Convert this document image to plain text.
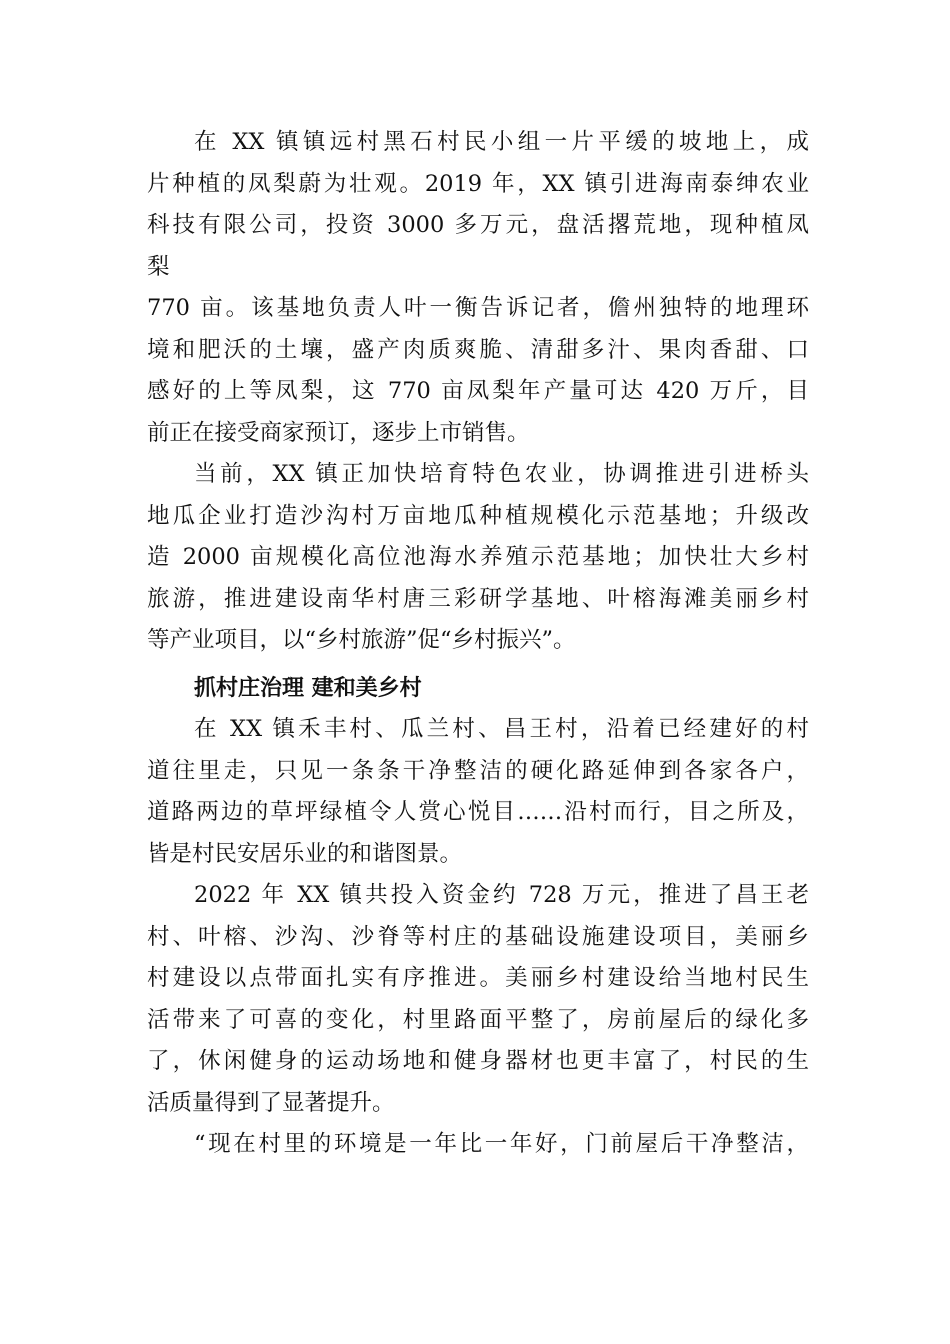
在 XX 镇镇远村黑石村民小组一片平缓的坡地上，成
片种植的凤梨蔚为壮观。2019 年，XX 镇引进海南泰绅农业
科技有限公司，投资 3000 多万元，盘活撂荒地，现种植凤
梨
770 亩。该基地负责人叶一衡告诉记者，儋州独特的地理环
境和肥沃的土壤，盛产肉质爽脆、清甜多汁、果肉香甜、口
感好的上等凤梨，这 770 亩凤梨年产量可达 420 万斤，目
前正在接受商家预订，逐步上市销售。
当前，XX 镇正加快培育特色农业，协调推进引进桥头
地瓜企业打造沙沟村万亩地瓜种植规模化示范基地；升级改
造 2000 亩规模化高位池海水养殖示范基地；加快壮大乡村
旅游，推进建设南华村唐三彩研学基地、叶榕海滩美丽乡村
等产业项目，以“乡村旅游”促“乡村振兴”。
抓村庄治理 建和美乡村
在 XX 镇禾丰村、瓜兰村、昌王村，沿着已经建好的村
道往里走，只见一条条干净整洁的硬化路延伸到各家各户，
道路两边的草坪绿植令人赏心悦目……沿村而行，目之所及，
皆是村民安居乐业的和谐图景。
2022 年 XX 镇共投入资金约 728 万元，推进了昌王老
村、叶榕、沙沟、沙脊等村庄的基础设施建设项目，美丽乡
村建设以点带面扎实有序推进。美丽乡村建设给当地村民生
活带来了可喜的变化，村里路面平整了，房前屋后的绿化多
了，休闲健身的运动场地和健身器材也更丰富了，村民的生
活质量得到了显著提升。
“现在村里的环境是一年比一年好，门前屋后干净整洁，
